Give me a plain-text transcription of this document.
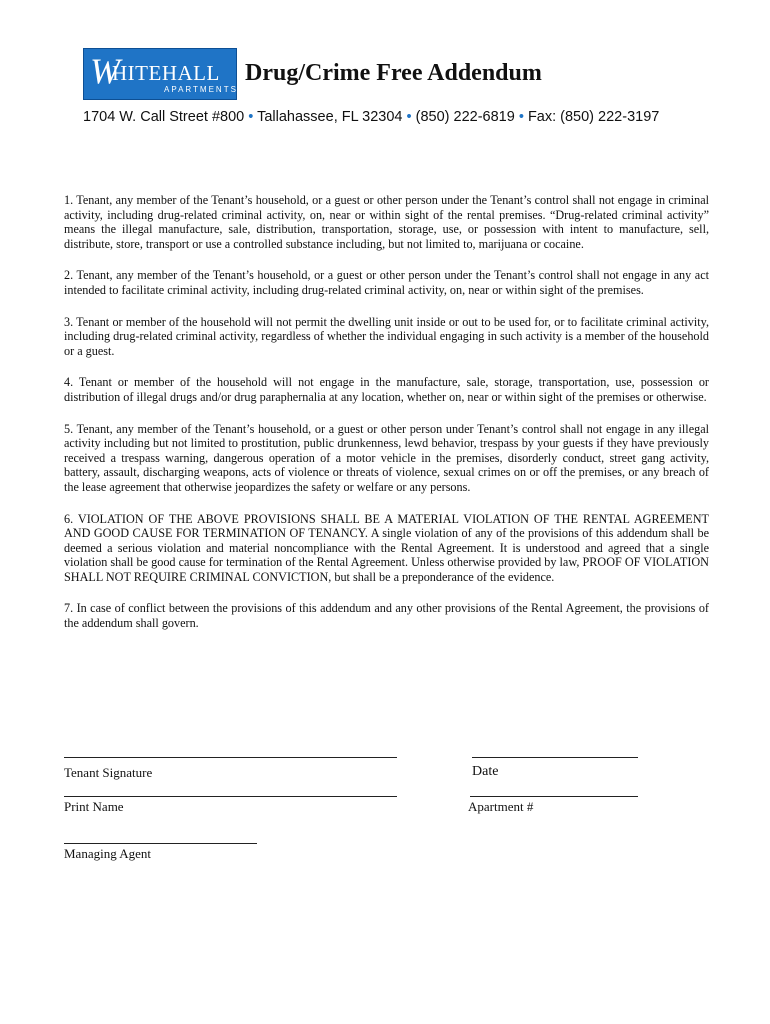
W
HITEHALL
APARTMENTS
Drug/Crime Free Addendum
1704 W. Call Street #800 • Tallahassee, FL 32304 • (850) 222-6819 • Fax: (850) 222-3197

1. Tenant, any member of the Tenant’s household, or a guest or other person under the Tenant’s control shall not engage in criminal activity, including drug-related criminal activity, on, near or within sight of the rental premises. “Drug-related criminal activity” means the illegal manufacture, sale, distribution, transportation, storage, use, or possession with intent to manufacture, sell, distribute, store, transport or use a controlled substance including, but not limited to, marijuana or cocaine.

2. Tenant, any member of the Tenant’s household, or a guest or other person under the Tenant’s control shall not engage in any act intended to facilitate criminal activity, including drug-related criminal activity, on, near or within sight of the premises.

3. Tenant or member of the household will not permit the dwelling unit inside or out to be used for, or to facilitate criminal activity, including drug-related criminal activity, regardless of whether the individual engaging in such activity is a member of the household or a guest.

4. Tenant or member of the household will not engage in the manufacture, sale, storage, transportation, use, possession or distribution of illegal drugs and/or drug paraphernalia at any location, whether on, near or within sight of the premises or otherwise.

5. Tenant, any member of the Tenant’s household, or a guest or other person under Tenant’s control shall not engage in any illegal activity including but not limited to prostitution, public drunkenness, lewd behavior, trespass by your guests if they have previously received a trespass warning, dangerous operation of a motor vehicle in the premises, disorderly conduct, street gang activity, battery, assault, discharging weapons, acts of violence or threats of violence, sexual crimes on or off the premises, or any breach of the lease agreement that otherwise jeopardizes the safety or welfare or any persons.

6. VIOLATION OF THE ABOVE PROVISIONS SHALL BE A MATERIAL VIOLATION OF THE RENTAL AGREEMENT AND GOOD CAUSE FOR TERMINATION OF TENANCY. A single violation of any of the provisions of this addendum shall be deemed a serious violation and material noncompliance with the Rental Agreement. It is understood and agreed that a single violation shall be good cause for termination of the Rental Agreement. Unless otherwise provided by law, PROOF OF VIOLATION SHALL NOT REQUIRE CRIMINAL CONVICTION, but shall be a preponderance of the evidence.

7. In case of conflict between the provisions of this addendum and any other provisions of the Rental Agreement, the provisions of the addendum shall govern.

Tenant Signature	Date
Print Name	Apartment #
Managing Agent
